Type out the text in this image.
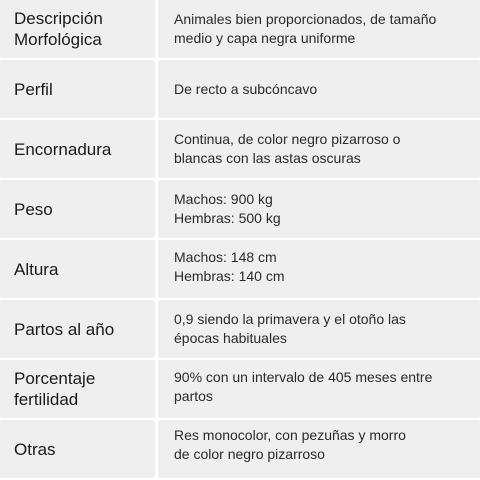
Descripción
Morfológica
Animales bien proporcionados, de tamaño
medio y capa negra uniforme
Perfil	De recto a subcóncavo
Encornadura
Continua, de color negro pizarroso o
blancas con las astas oscuras
Peso
Machos: 900 kg
Hembras: 500 kg
Altura
Machos: 148 cm
Hembras: 140 cm
Partos al año
0,9 siendo la primavera y el otoño las
épocas habituales
Porcentaje
fertilidad
90% con un intervalo de 405 meses entre
partos
Otras
Res monocolor, con pezuñas y morro
de color negro pizarroso
